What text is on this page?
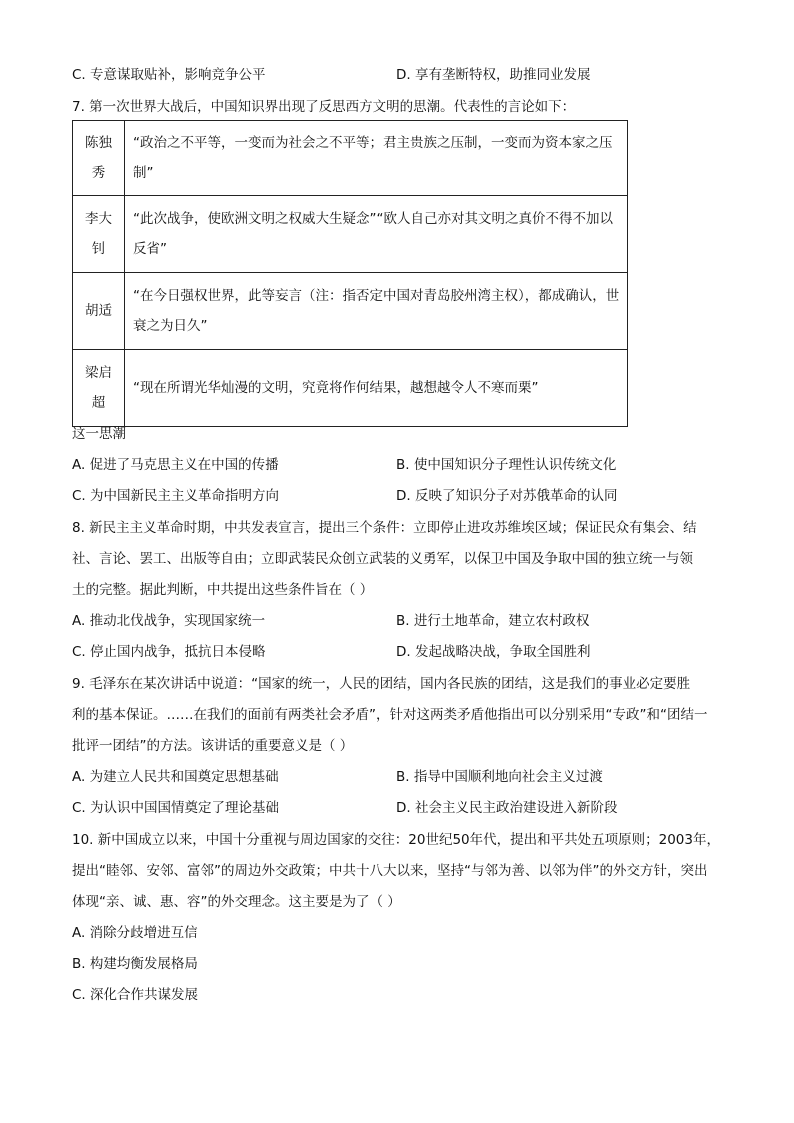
C. 专意谋取贴补，影响竞争公平	D. 享有垄断特权，助推同业发展
7. 第一次世界大战后，中国知识界出现了反思西方文明的思潮。代表性的言论如下：
陈独秀	“政治之不平等，一变而为社会之不平等；君主贵族之压制，一变而为资本家之压制”

李大钊	“此次战争，使欧洲文明之权威大生疑念”“欧人自己亦对其文明之真价不得不加以反省”
胡适	“在今日强权世界，此等妄言（注：指否定中国对青岛胶州湾主权），都成确认，世衰之为日久”

梁启超	“现在所谓光华灿漫的文明，究竟将作何结果，越想越令人不寒而栗”
这一思潮
A. 促进了马克思主义在中国的传播	B. 使中国知识分子理性认识传统文化
C. 为中国新民主主义革命指明方向	D. 反映了知识分子对苏俄革命的认同
8. 新民主主义革命时期，中共发表宣言，提出三个条件：立即停止进攻苏维埃区域；保证民众有集会、结
社、言论、罢工、出版等自由；立即武装民众创立武装的义勇军，以保卫中国及争取中国的独立统一与领
土的完整。据此判断，中共提出这些条件旨在（ ）
A. 推动北伐战争，实现国家统一	B. 进行土地革命，建立农村政权
C. 停止国内战争，抵抗日本侵略	D. 发起战略决战，争取全国胜利
9. 毛泽东在某次讲话中说道：“国家的统一，人民的团结，国内各民族的团结，这是我们的事业必定要胜
利的基本保证。……在我们的面前有两类社会矛盾”，针对这两类矛盾他指出可以分别采用“专政”和“团结一
批评一团结”的方法。该讲话的重要意义是（ ）
A. 为建立人民共和国奠定思想基础	B. 指导中国顺利地向社会主义过渡
C. 为认识中国国情奠定了理论基础	D. 社会主义民主政治建设进入新阶段
10. 新中国成立以来，中国十分重视与周边国家的交往：20世纪50年代，提出和平共处五项原则；2003年，
提出“睦邻、安邻、富邻”的周边外交政策；中共十八大以来，坚持“与邻为善、以邻为伴”的外交方针，突出
体现“亲、诚、惠、容”的外交理念。这主要是为了（ ）
A. 消除分歧增进互信
B. 构建均衡发展格局
C. 深化合作共谋发展
